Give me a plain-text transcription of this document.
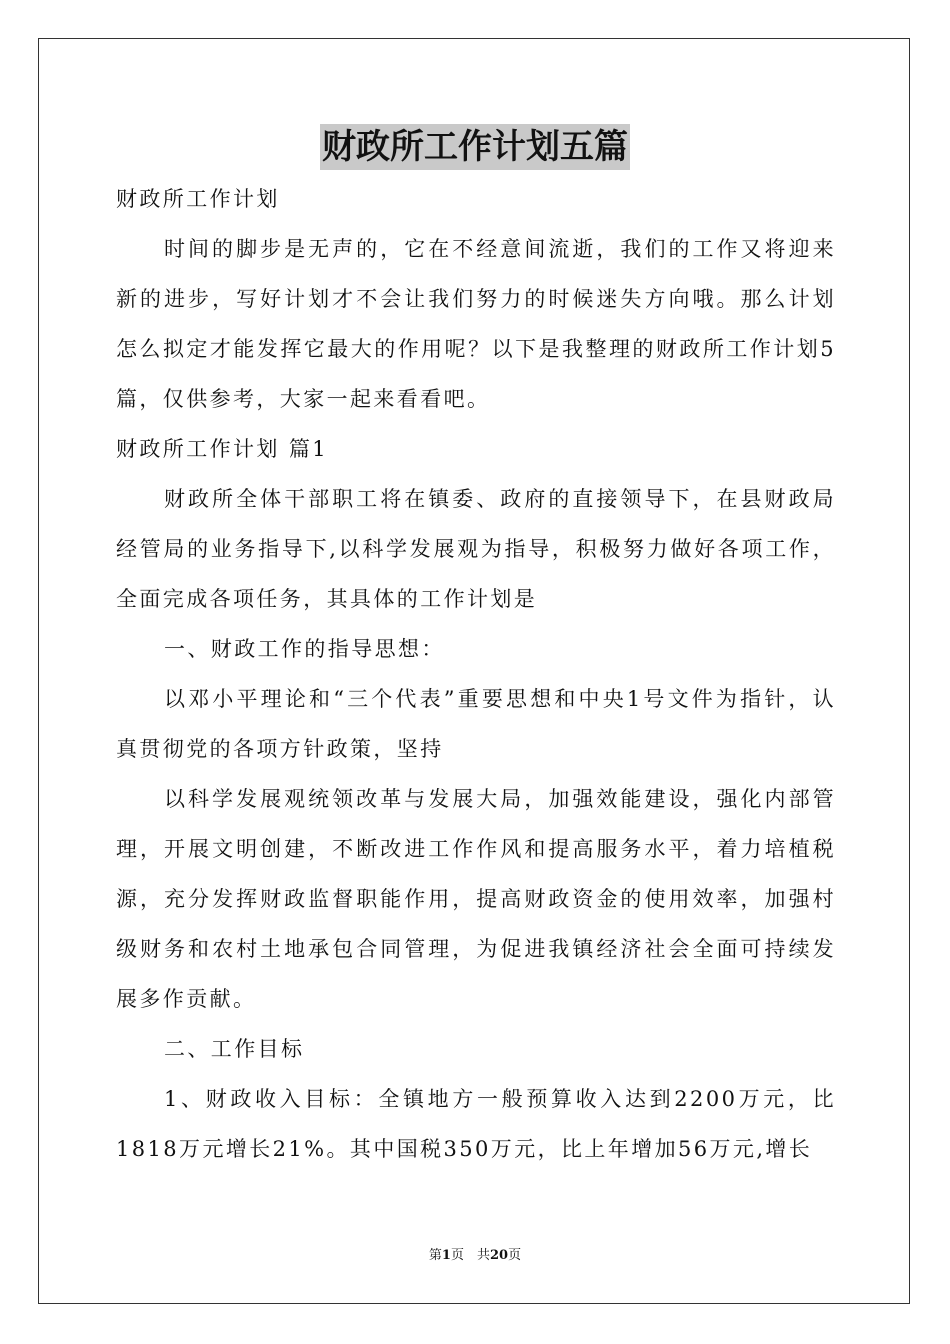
财政所工作计划五篇

财政所工作计划

时间的脚步是无声的，它在不经意间流逝，我们的工作又将迎来新的进步，写好计划才不会让我们努力的时候迷失方向哦。那么计划怎么拟定才能发挥它最大的作用呢？以下是我整理的财政所工作计划5篇，仅供参考，大家一起来看看吧。

财政所工作计划 篇1

财政所全体干部职工将在镇委、政府的直接领导下，在县财政局经管局的业务指导下,以科学发展观为指导，积极努力做好各项工作，全面完成各项任务，其具体的工作计划是

一、财政工作的指导思想：

以邓小平理论和“三个代表”重要思想和中央1号文件为指针，认真贯彻党的各项方针政策，坚持

以科学发展观统领改革与发展大局，加强效能建设，强化内部管理，开展文明创建，不断改进工作作风和提高服务水平，着力培植税源，充分发挥财政监督职能作用，提高财政资金的使用效率，加强村级财务和农村土地承包合同管理，为促进我镇经济社会全面可持续发展多作贡献。

二、工作目标

1、财政收入目标：全镇地方一般预算收入达到2200万元，比1818万元增长21%。其中国税350万元，比上年增加56万元,增长

第1页　共20页
